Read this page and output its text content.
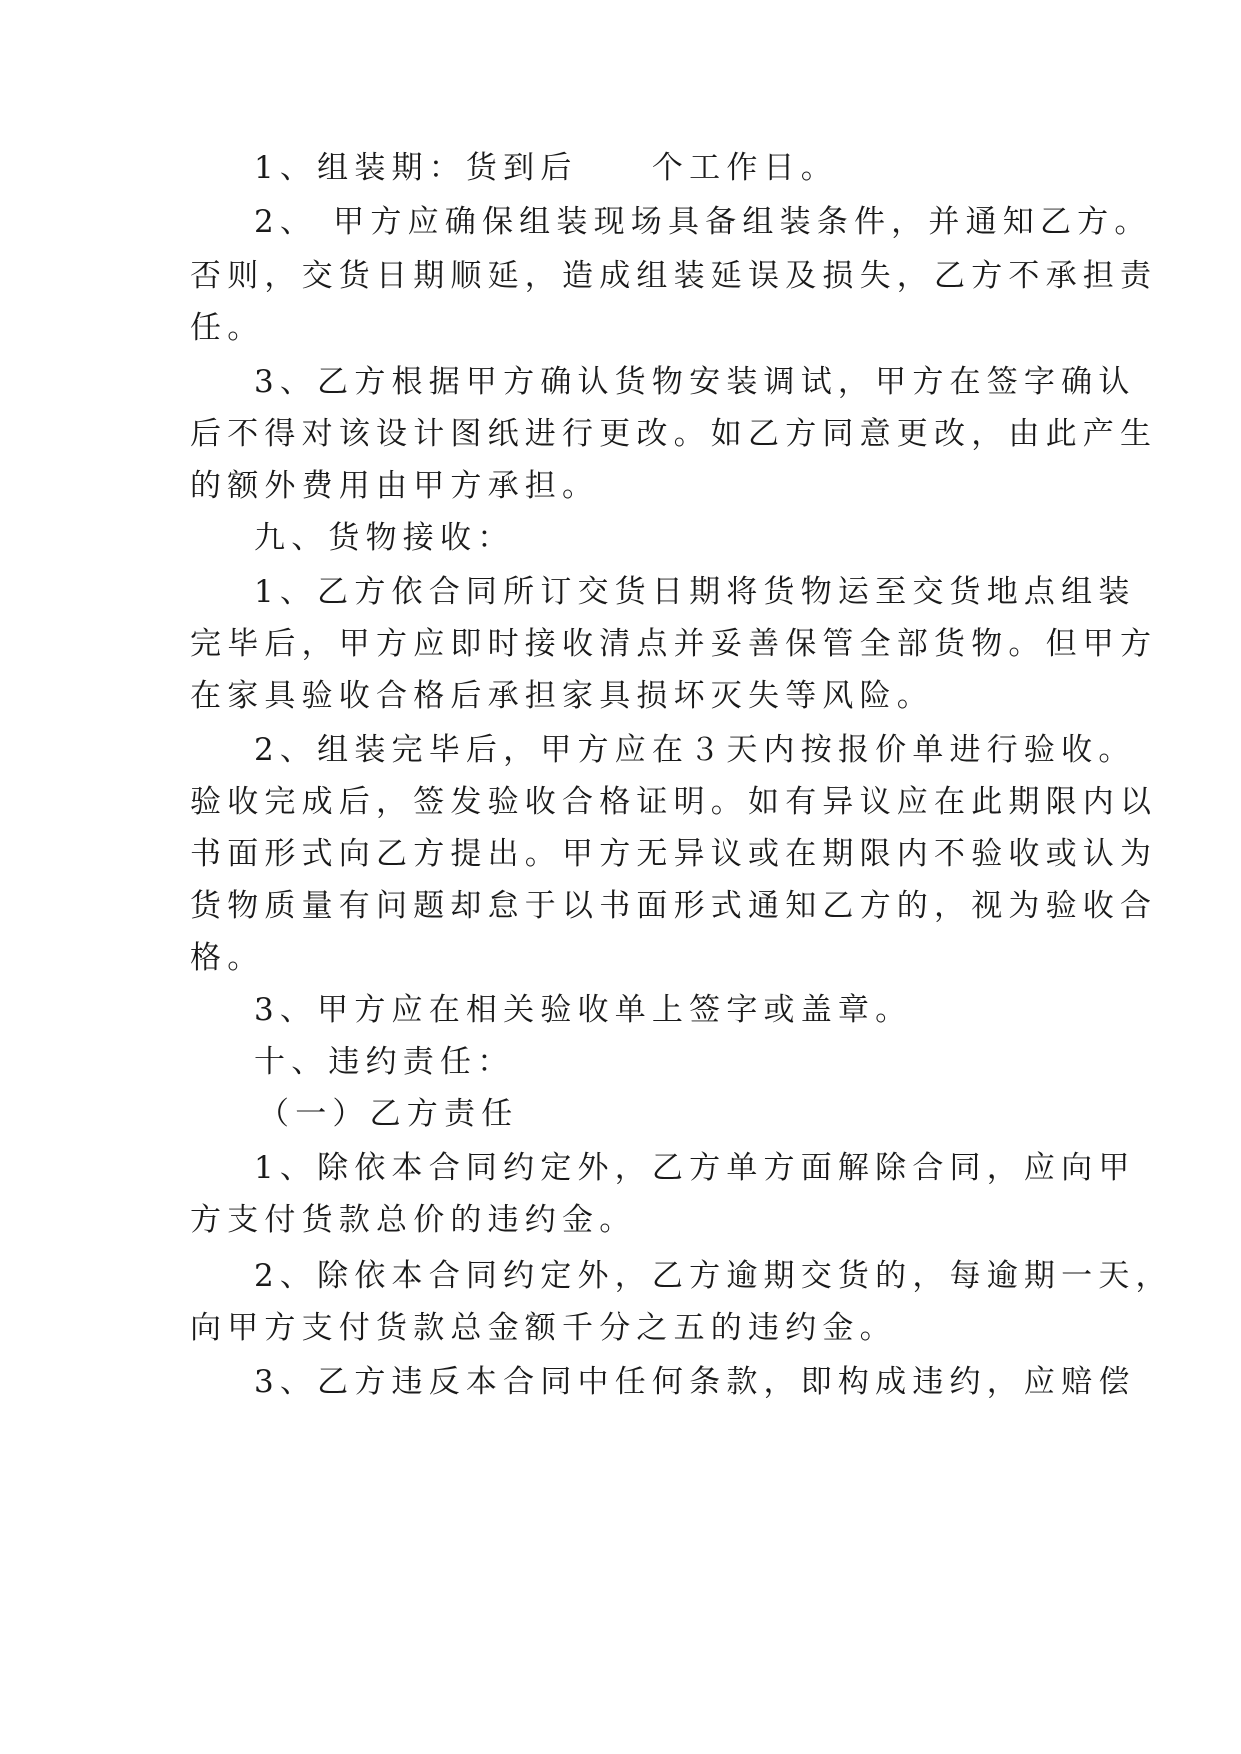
1、组装期：货到后　　个工作日。
2、 甲方应确保组装现场具备组装条件，并通知乙方。
否则，交货日期顺延，造成组装延误及损失，乙方不承担责
任。
3、乙方根据甲方确认货物安装调试，甲方在签字确认
后不得对该设计图纸进行更改。如乙方同意更改，由此产生
的额外费用由甲方承担。
九、货物接收：
1、乙方依合同所订交货日期将货物运至交货地点组装
完毕后，甲方应即时接收清点并妥善保管全部货物。但甲方
在家具验收合格后承担家具损坏灭失等风险。
2、组装完毕后，甲方应在３天内按报价单进行验收。
验收完成后，签发验收合格证明。如有异议应在此期限内以
书面形式向乙方提出。甲方无异议或在期限内不验收或认为
货物质量有问题却怠于以书面形式通知乙方的，视为验收合
格。
3、甲方应在相关验收单上签字或盖章。
十、违约责任：
（一）乙方责任
1、除依本合同约定外，乙方单方面解除合同，应向甲
方支付货款总价的违约金。
2、除依本合同约定外，乙方逾期交货的，每逾期一天，
向甲方支付货款总金额千分之五的违约金。
3、乙方违反本合同中任何条款，即构成违约，应赔偿
